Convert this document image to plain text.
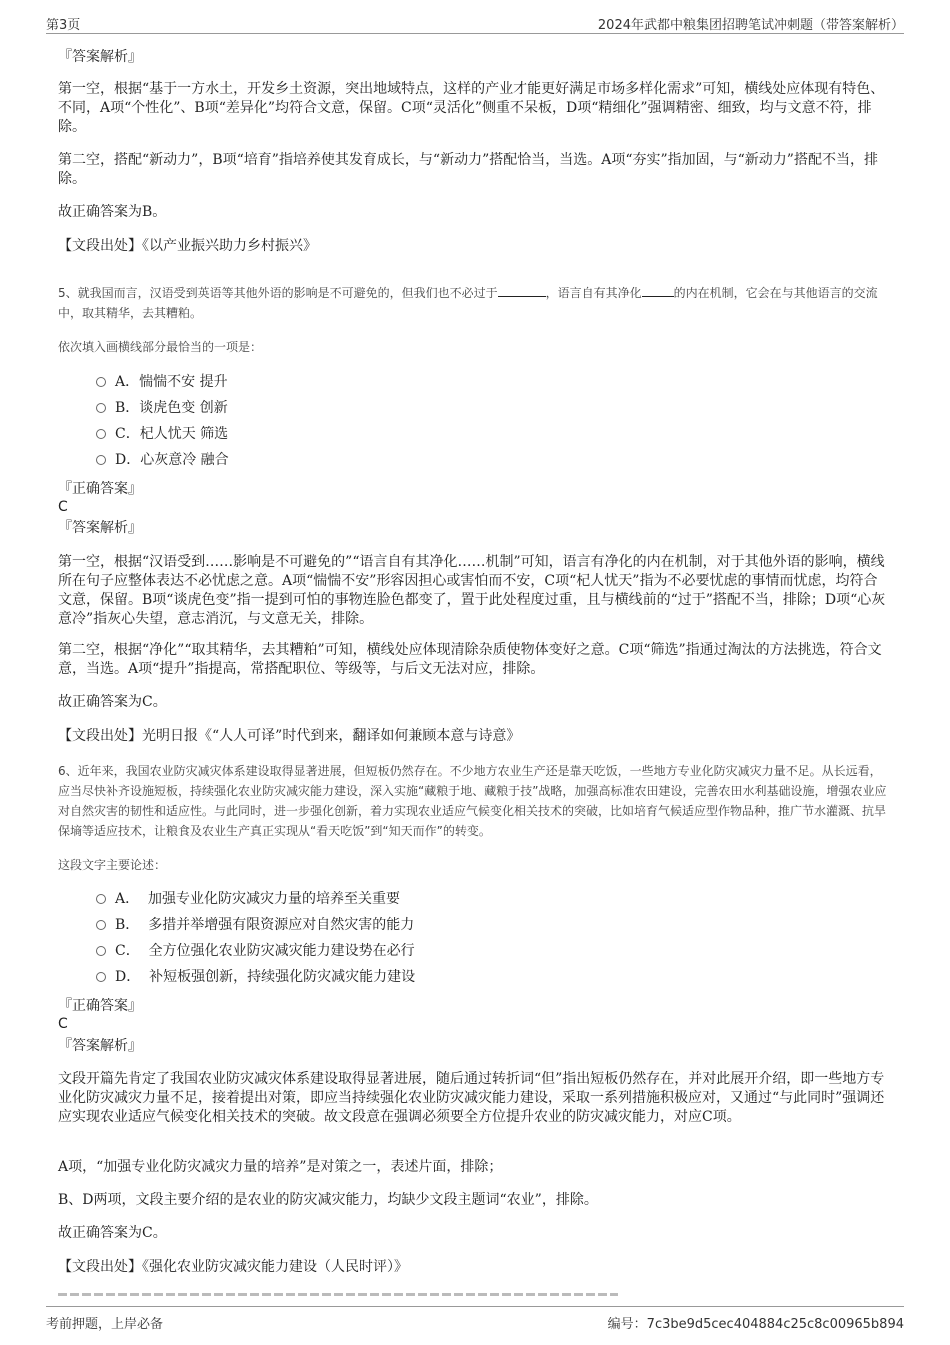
第3页	2024年武都中粮集团招聘笔试冲刺题（带答案解析）
『答案解析』
第一空，根据“基于一方水土，开发乡土资源，突出地域特点，这样的产业才能更好满足市场多样化需求”可知，横线处应体现有特色、不同，A项“个性化”、B项“差异化”均符合文意，保留。C项“灵活化”侧重不呆板，D项“精细化”强调精密、细致，均与文意不符，排除。
第二空，搭配“新动力”，B项“培育”指培养使其发育成长，与“新动力”搭配恰当，当选。A项“夯实”指加固，与“新动力”搭配不当，排除。
故正确答案为B。
【文段出处】《以产业振兴助力乡村振兴》
5、就我国而言，汉语受到英语等其他外语的影响是不可避免的，但我们也不必过于	，语言自有其净化	的内在机制，它会在与其他语言的交流中，取其精华，去其糟粕。
依次填入画横线部分最恰当的一项是：
A．惴惴不安 提升
B．谈虎色变 创新
C．杞人忧天 筛选
D．心灰意冷 融合
『正确答案』
C
『答案解析』
第一空，根据“汉语受到……影响是不可避免的”“语言自有其净化……机制”可知，语言有净化的内在机制，对于其他外语的影响，横线所在句子应整体表达不必忧虑之意。A项“惴惴不安”形容因担心或害怕而不安，C项“杞人忧天”指为不必要忧虑的事情而忧虑，均符合文意，保留。B项“谈虎色变”指一提到可怕的事物连脸色都变了，置于此处程度过重，且与横线前的“过于”搭配不当，排除；D项“心灰意冷”指灰心失望，意志消沉，与文意无关，排除。
第二空，根据“净化”“取其精华，去其糟粕”可知，横线处应体现清除杂质使物体变好之意。C项“筛选”指通过淘汰的方法挑选，符合文意，当选。A项“提升”指提高，常搭配职位、等级等，与后文无法对应，排除。
故正确答案为C。
【文段出处】光明日报《“人人可译”时代到来，翻译如何兼顾本意与诗意》
6、近年来，我国农业防灾减灾体系建设取得显著进展，但短板仍然存在。不少地方农业生产还是靠天吃饭，一些地方专业化防灾减灾力量不足。从长远看，应当尽快补齐设施短板，持续强化农业防灾减灾能力建设，深入实施“藏粮于地、藏粮于技”战略，加强高标准农田建设，完善农田水利基础设施，增强农业应对自然灾害的韧性和适应性。与此同时，进一步强化创新，着力实现农业适应气候变化相关技术的突破，比如培育气候适应型作物品种，推广节水灌溉、抗旱保墒等适应技术，让粮食及农业生产真正实现从“看天吃饭”到“知天而作”的转变。
这段文字主要论述：
A． 加强专业化防灾减灾力量的培养至关重要
B． 多措并举增强有限资源应对自然灾害的能力
C． 全方位强化农业防灾减灾能力建设势在必行
D． 补短板强创新，持续强化防灾减灾能力建设
『正确答案』
C
『答案解析』
文段开篇先肯定了我国农业防灾减灾体系建设取得显著进展，随后通过转折词“但”指出短板仍然存在，并对此展开介绍，即一些地方专业化防灾减灾力量不足，接着提出对策，即应当持续强化农业防灾减灾能力建设，采取一系列措施积极应对，又通过“与此同时”强调还应实现农业适应气候变化相关技术的突破。故文段意在强调必须要全方位提升农业的防灾减灾能力，对应C项。
A项，“加强专业化防灾减灾力量的培养”是对策之一，表述片面，排除；
B、D两项，文段主要介绍的是农业的防灾减灾能力，均缺少文段主题词“农业”，排除。
故正确答案为C。
【文段出处】《强化农业防灾减灾能力建设（人民时评）》
考前押题，上岸必备	编号：7c3be9d5cec404884c25c8c00965b894
